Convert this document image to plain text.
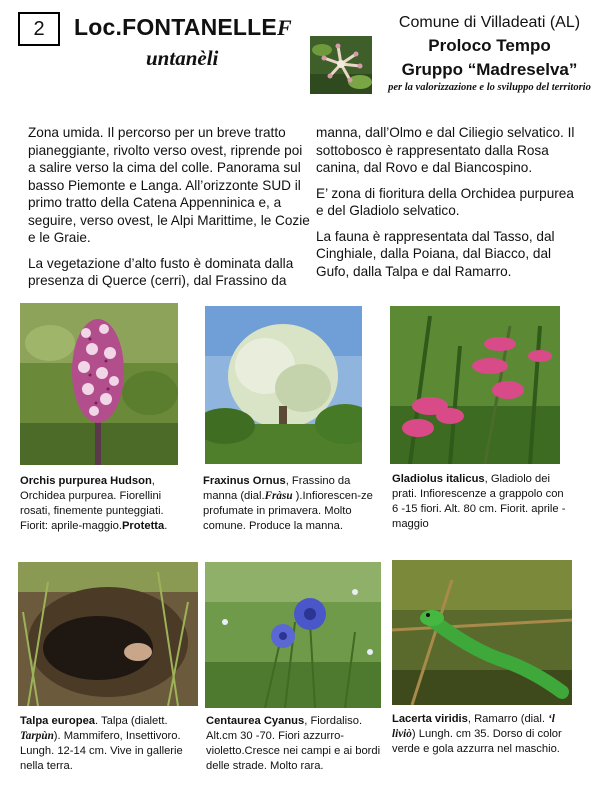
2	Loc.FONTANELLEF
untanèli
Comune di Villadeati (AL)
Proloco Tempo
Gruppo “Madreselva”
per la valorizzazione e lo sviluppo del territorio

Zona umida. Il percorso per un breve tratto pianeggiante, rivolto verso ovest, riprende poi a salire verso la cima del colle. Panorama sul basso Piemonte e Langa. All’orizzonte SUD il primo tratto della Catena Appenninica e, a seguire, verso ovest, le Alpi Marittime, le Cozie e le Graie.

La vegetazione d’alto fusto è dominata dalla presenza di Querce (cerri), dal Frassino da

manna, dall’Olmo e dal Ciliegio selvatico. Il sottobosco è rappresentato dalla Rosa canina, dal Rovo e dal Biancospino.

E’ zona di fioritura della Orchidea purpurea e del Gladiolo selvatico.

La fauna è rappresentata dal Tasso, dal Cinghiale, dalla Poiana, dal Biacco, dal Gufo, dalla Talpa e dal Ramarro.

Orchis purpurea Hudson, Orchidea purpurea. Fiorellini rosati, finemente punteggiati. Fiorit: aprile-maggio.Protetta.
Fraxinus Ornus, Frassino da manna (dial.Fràsu ).Infiorescen-ze profumate in primavera. Molto comune. Produce la manna.
Gladiolus italicus, Gladiolo dei prati. Infiorescenze a grappolo con 6 -15 fiori. Alt. 80 cm. Fiorit. aprile - maggio
Talpa europea. Talpa (dialett. Tarpùn). Mammifero, Insettivoro. Lungh. 12-14 cm. Vive in gallerie nella terra.
Centaurea Cyanus, Fiordaliso. Alt.cm 30 -70. Fiori azzurro-violetto.Cresce nei campi e ai bordi delle strade. Molto rara.
Lacerta viridis, Ramarro (dial. ‘l liviò) Lungh. cm 35. Dorso di color verde e gola azzurra nel maschio.
